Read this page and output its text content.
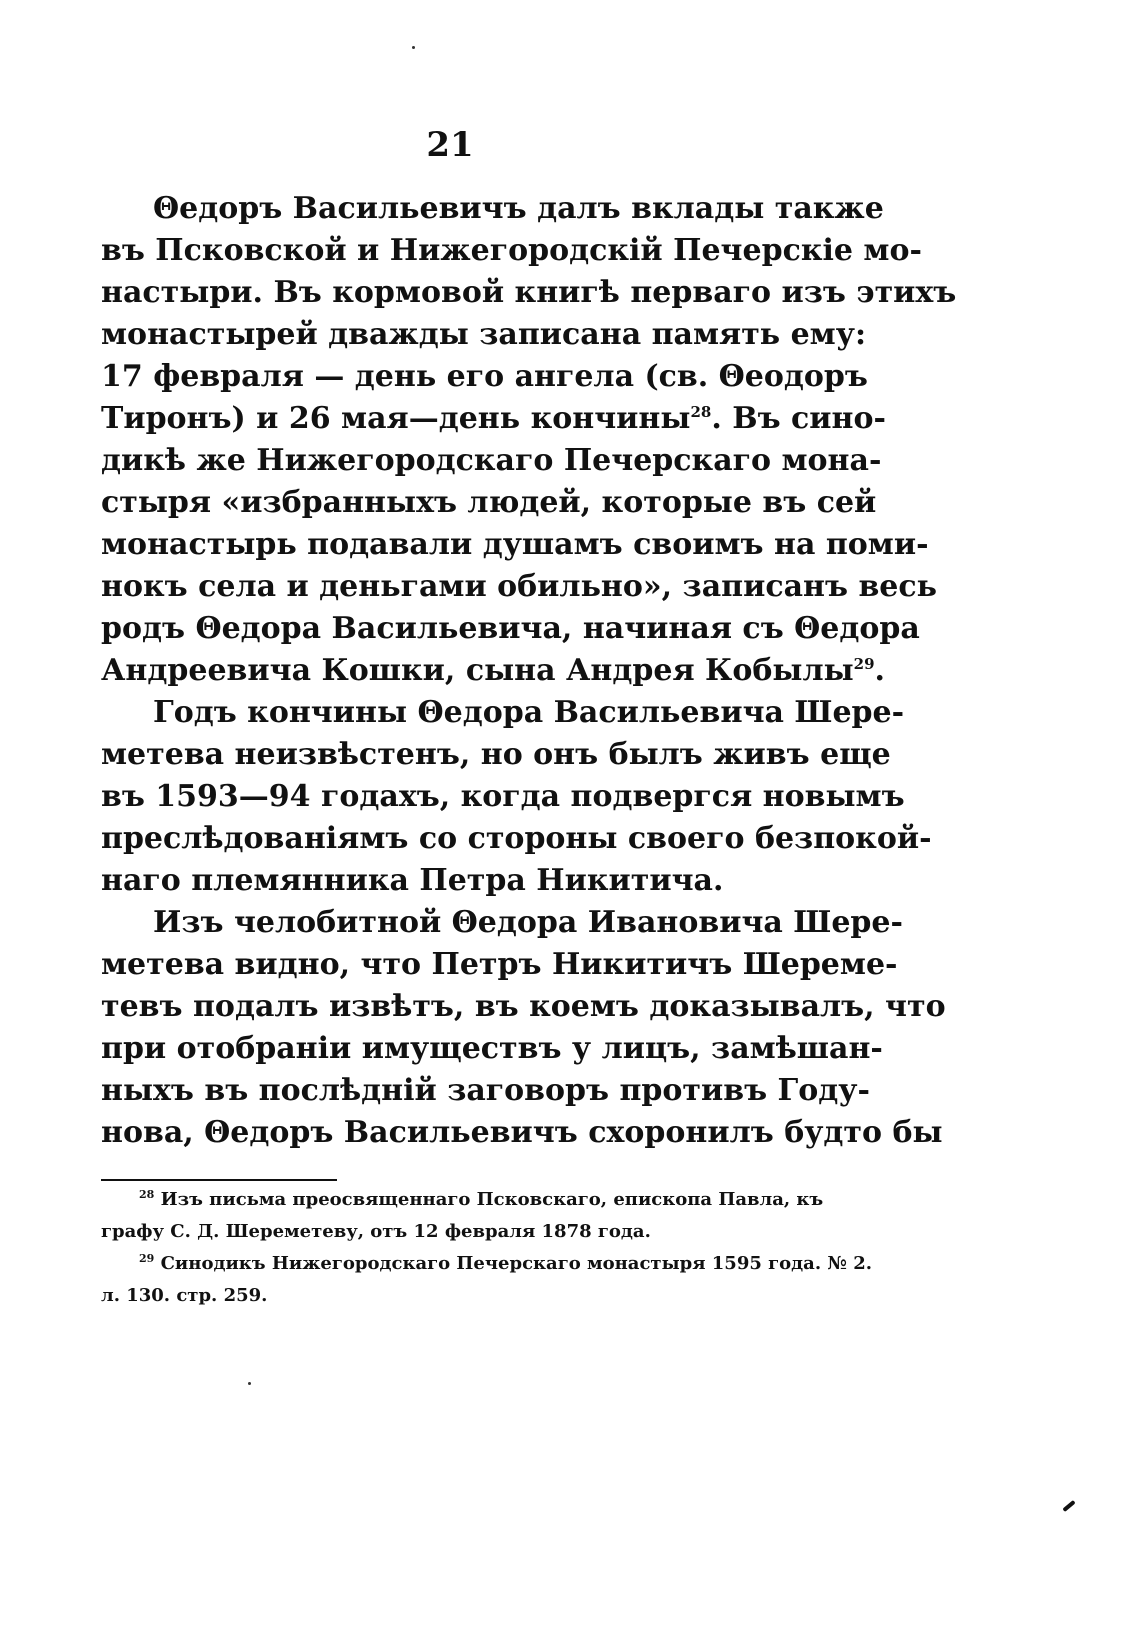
21
Θедоръ Васильевичъ далъ вклады также
въ Псковской и Нижегородскій Печерскіе мо-
настыри. Въ кормовой книгѣ перваго изъ этихъ
монастырей дважды записана память ему:
17 февраля — день его ангела (св. Θеодоръ
Тиронъ) и 26 мая—день кончины$^{28}$. Въ сино-
дикѣ же Нижегородскаго Печерскаго мона-
стыря «избранныхъ людей, которые въ сей
монастырь подавали душамъ своимъ на поми-
нокъ села и деньгами обильно», записанъ весь
родъ Θедора Васильевича, начиная съ Θедора
Андреевича Кошки, сына Андрея Кобылы$^{29}$.
Годъ кончины Θедора Васильевича Шере-
метева неизвѣстенъ, но онъ былъ живъ еще
въ 1593—94 годахъ, когда подвергся новымъ
преслѣдованіямъ со стороны своего безпокой-
наго племянника Петра Никитича.
Изъ челобитной Θедора Ивановича Шере-
метева видно, что Петръ Никитичъ Шереме-
тевъ подалъ извѣтъ, въ коемъ доказывалъ, что
при отобраніи имуществъ у лицъ, замѣшан-
ныхъ въ послѣдній заговоръ противъ Году-
нова, Θедоръ Васильевичъ схоронилъ будто бы
$^{28}$ Изъ письма преосвященнаго Псковскаго, епископа Павла, къ
графу С. Д. Шереметеву, отъ 12 февраля 1878 года.
$^{29}$ Синодикъ Нижегородскаго Печерскаго монастыря 1595 года. № 2.
л. 130. стр. 259.
